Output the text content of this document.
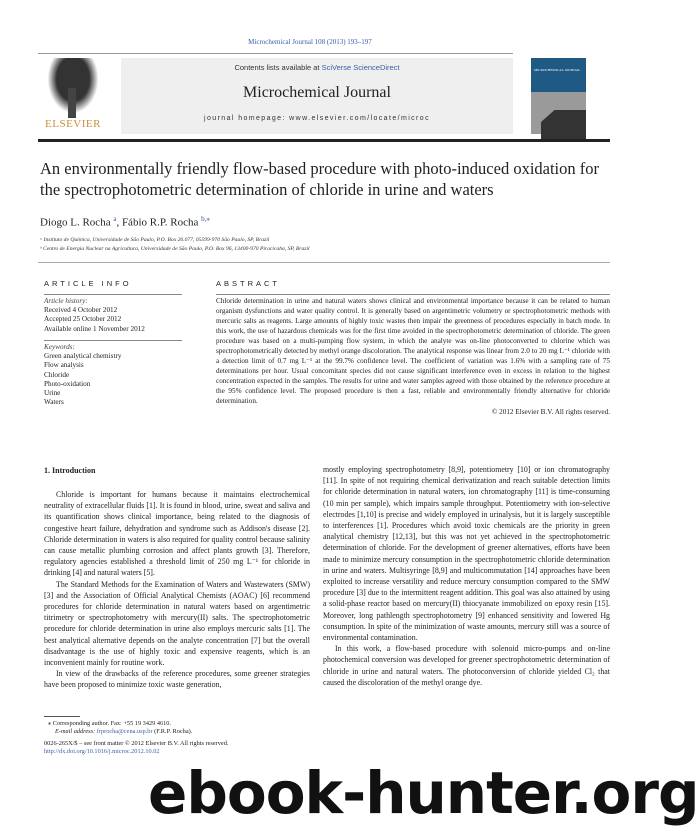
Microchemical Journal 108 (2013) 193–197
ELSEVIER
Contents lists available at SciVerse ScienceDirect
Microchemical Journal
journal homepage: www.elsevier.com/locate/microc
MICROCHEMICAL JOURNAL
An environmentally friendly flow-based procedure with photo-induced oxidation for the spectrophotometric determination of chloride in urine and waters
Diogo L. Rocha $^a$, Fábio R.P. Rocha $^{b,⁎}$
ᵃ Instituto de Química, Universidade de São Paulo, P.O. Box 26.077, 05599-970 São Paulo, SP, Brazil
ᵇ Centro de Energia Nuclear na Agricultura, Universidade de São Paulo, P.O. Box 96, 13400-970 Piracicaba, SP, Brazil
ARTICLE INFO
Article history:
Received 4 October 2012
Accepted 25 October 2012
Available online 1 November 2012
Keywords:
Green analytical chemistry
Flow analysis
Chloride
Photo-oxidation
Urine
Waters
ABSTRACT
Chloride determination in urine and natural waters shows clinical and environmental importance because it can be related to human organism dysfunctions and water quality control. It is generally based on argentimetric volumetry or spectrophotometric methods with mercuric salts as reagents. Large amounts of highly toxic wastes then impair the greenness of procedures especially in batch mode. In this work, the use of hazardous chemicals was for the first time avoided in the spectrophotometric determination of chloride. The green procedure was based on a multi-pumping flow system, in which the analyte was on-line photoconverted to chlorine which was spectrophotometrically detected by methyl orange discoloration. The analytical response was linear from 2.0 to 20 mg L⁻¹ chloride with a detection limit of 0.7 mg L⁻¹ at the 99.7% confidence level. The coefficient of variation was 1.6% with a sampling rate of 75 determinations per hour. Usual concomitant species did not cause significant interference even in excess in relation to the highest concentration expected in the samples. The results for urine and water samples agreed with those obtained by the reference procedure at the 95% confidence level. The proposed procedure is then a fast, reliable and environmentally friendly alternative for chloride determination.
© 2012 Elsevier B.V. All rights reserved.
1. Introduction

Chloride is important for humans because it maintains electrochemical neutrality of extracellular fluids [1]. It is found in blood, urine, sweat and saliva and its quantification shows clinical importance, being related to the diagnosis of congestive heart failure, dehydration and syndrome such as Addison's disease [2]. Chloride determination in waters is also required for quality control because salinity can cause metallic plumbing corrosion and affect plants growth [3]. Therefore, regulatory agencies established a threshold limit of 250 mg L⁻¹ for chloride in drinking [4] and natural waters [5].

The Standard Methods for the Examination of Waters and Wastewaters (SMW) [3] and the Association of Official Analytical Chemists (AOAC) [6] recommend procedures for chloride determination in natural waters based on argentimetric titrimetry or spectrophotometry with mercury(II) salts. The spectrophotometric procedure for chloride determination in urine also employs mercuric salts [1]. The best analytical alternative depends on the analyte concentration [7] but the overall disadvantage is the use of highly toxic and expensive reagents, which is an inconvenient mainly for routine work.

In view of the drawbacks of the reference procedures, some greener strategies have been proposed to minimize toxic waste generation,

mostly employing spectrophotometry [8,9], potentiometry [10] or ion chromatography [11]. In spite of not requiring chemical derivatization and reach suitable detection limits for chloride determination in natural waters, ion chromatography [11] is time-consuming (10 min per sample), which impairs sample throughput. Potentiometry with ion-selective electrodes [1,10] is precise and widely employed in urinalysis, but it is largely susceptible to interferences [1]. Procedures which avoid toxic chemicals are the priority in green analytical chemistry [12,13], but this was not yet achieved in the spectrophotometric determination of chloride. For the development of greener alternatives, efforts have been made to minimize mercury consumption in the spectrophotometric chloride determination in urine and waters. Multisyringe [8,9] and multicommutation [14] approaches have been exploited to increase versatility and reduce mercury consumption compared to the SMW procedure [3] due to the intermittent reagent addition. This goal was also attained by using a solid-phase reactor based on mercury(II) thiocyanate immobilized on epoxy resin [15]. Moreover, long pathlength spectrophotometry [9] enhanced sensitivity and lowered Hg consumption. In spite of the minimization of waste amounts, mercury still was a source of environmental contamination.

In this work, a flow-based procedure with solenoid micro-pumps and on-line photochemical conversion was developed for greener spectrophotometric determination of chloride in urine and natural waters. The photoconversion of chloride yielded Cl₂ that caused the discoloration of the methyl orange dye.

⁎ Corresponding author. Fax: +55 19 3429 4610.
E-mail address: frprocha@cena.usp.br (F.R.P. Rocha).
0026-265X/$ – see front matter © 2012 Elsevier B.V. All rights reserved.
http://dx.doi.org/10.1016/j.microc.2012.10.02
ebook-hunter.org
